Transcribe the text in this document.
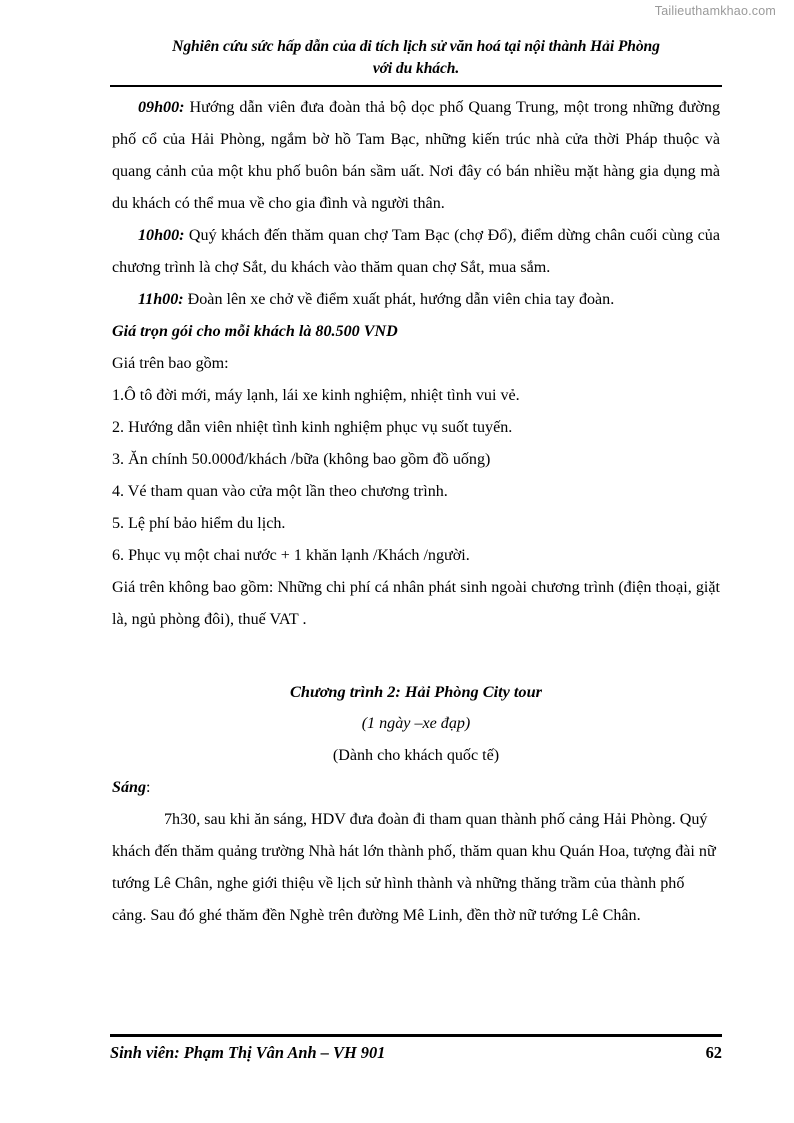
Tailieuthamkhao.com
Nghiên cứu sức hấp dẫn của di tích lịch sử văn hoá tại nội thành Hải Phòng
với du khách.

09h00: Hướng dẫn viên đưa đoàn thả bộ dọc phố Quang Trung, một trong những đường phố cổ của Hải Phòng, ngắm bờ hồ Tam Bạc, những kiến trúc nhà cửa thời Pháp thuộc và quang cảnh của một khu phố buôn bán sầm uất. Nơi đây có bán nhiều mặt hàng gia dụng mà du khách có thể mua về cho gia đình và người thân.

10h00: Quý khách đến thăm quan chợ Tam Bạc (chợ Đổ), điểm dừng chân cuối cùng của chương trình là chợ Sắt, du khách vào thăm quan chợ Sắt, mua sắm.

11h00: Đoàn lên xe chở về điểm xuất phát, hướng dẫn viên chia tay đoàn.

Giá trọn gói cho mỗi khách là 80.500 VND

Giá trên bao gồm:

1.Ô tô đời mới, máy lạnh, lái xe kinh nghiệm, nhiệt tình vui vẻ.

2. Hướng dẫn viên nhiệt tình kinh nghiệm phục vụ suốt tuyến.

3. Ăn chính 50.000đ/khách /bữa (không bao gồm đồ uống)

4. Vé tham quan vào cửa một lần theo chương trình.

5. Lệ phí bảo hiểm du lịch.

6. Phục vụ một chai nước + 1 khăn lạnh /Khách /người.

Giá trên không bao gồm: Những chi phí cá nhân phát sinh ngoài chương trình (điện thoại, giặt là, ngủ phòng đôi), thuế VAT .

Chương trình 2: Hải Phòng City tour

(1 ngày –xe đạp)

(Dành cho khách quốc tế)

Sáng:

7h30, sau khi ăn sáng, HDV đưa đoàn đi tham quan thành phố cảng Hải Phòng. Quý khách đến thăm quảng trường Nhà hát lớn thành phố, thăm quan khu Quán Hoa, tượng đài nữ tướng Lê Chân, nghe giới thiệu về lịch sử hình thành và những thăng trầm của thành phố cảng. Sau đó ghé thăm đền Nghè trên đường Mê Linh, đền thờ nữ tướng Lê Chân.

Sinh viên: Phạm Thị Vân Anh – VH 901	62
